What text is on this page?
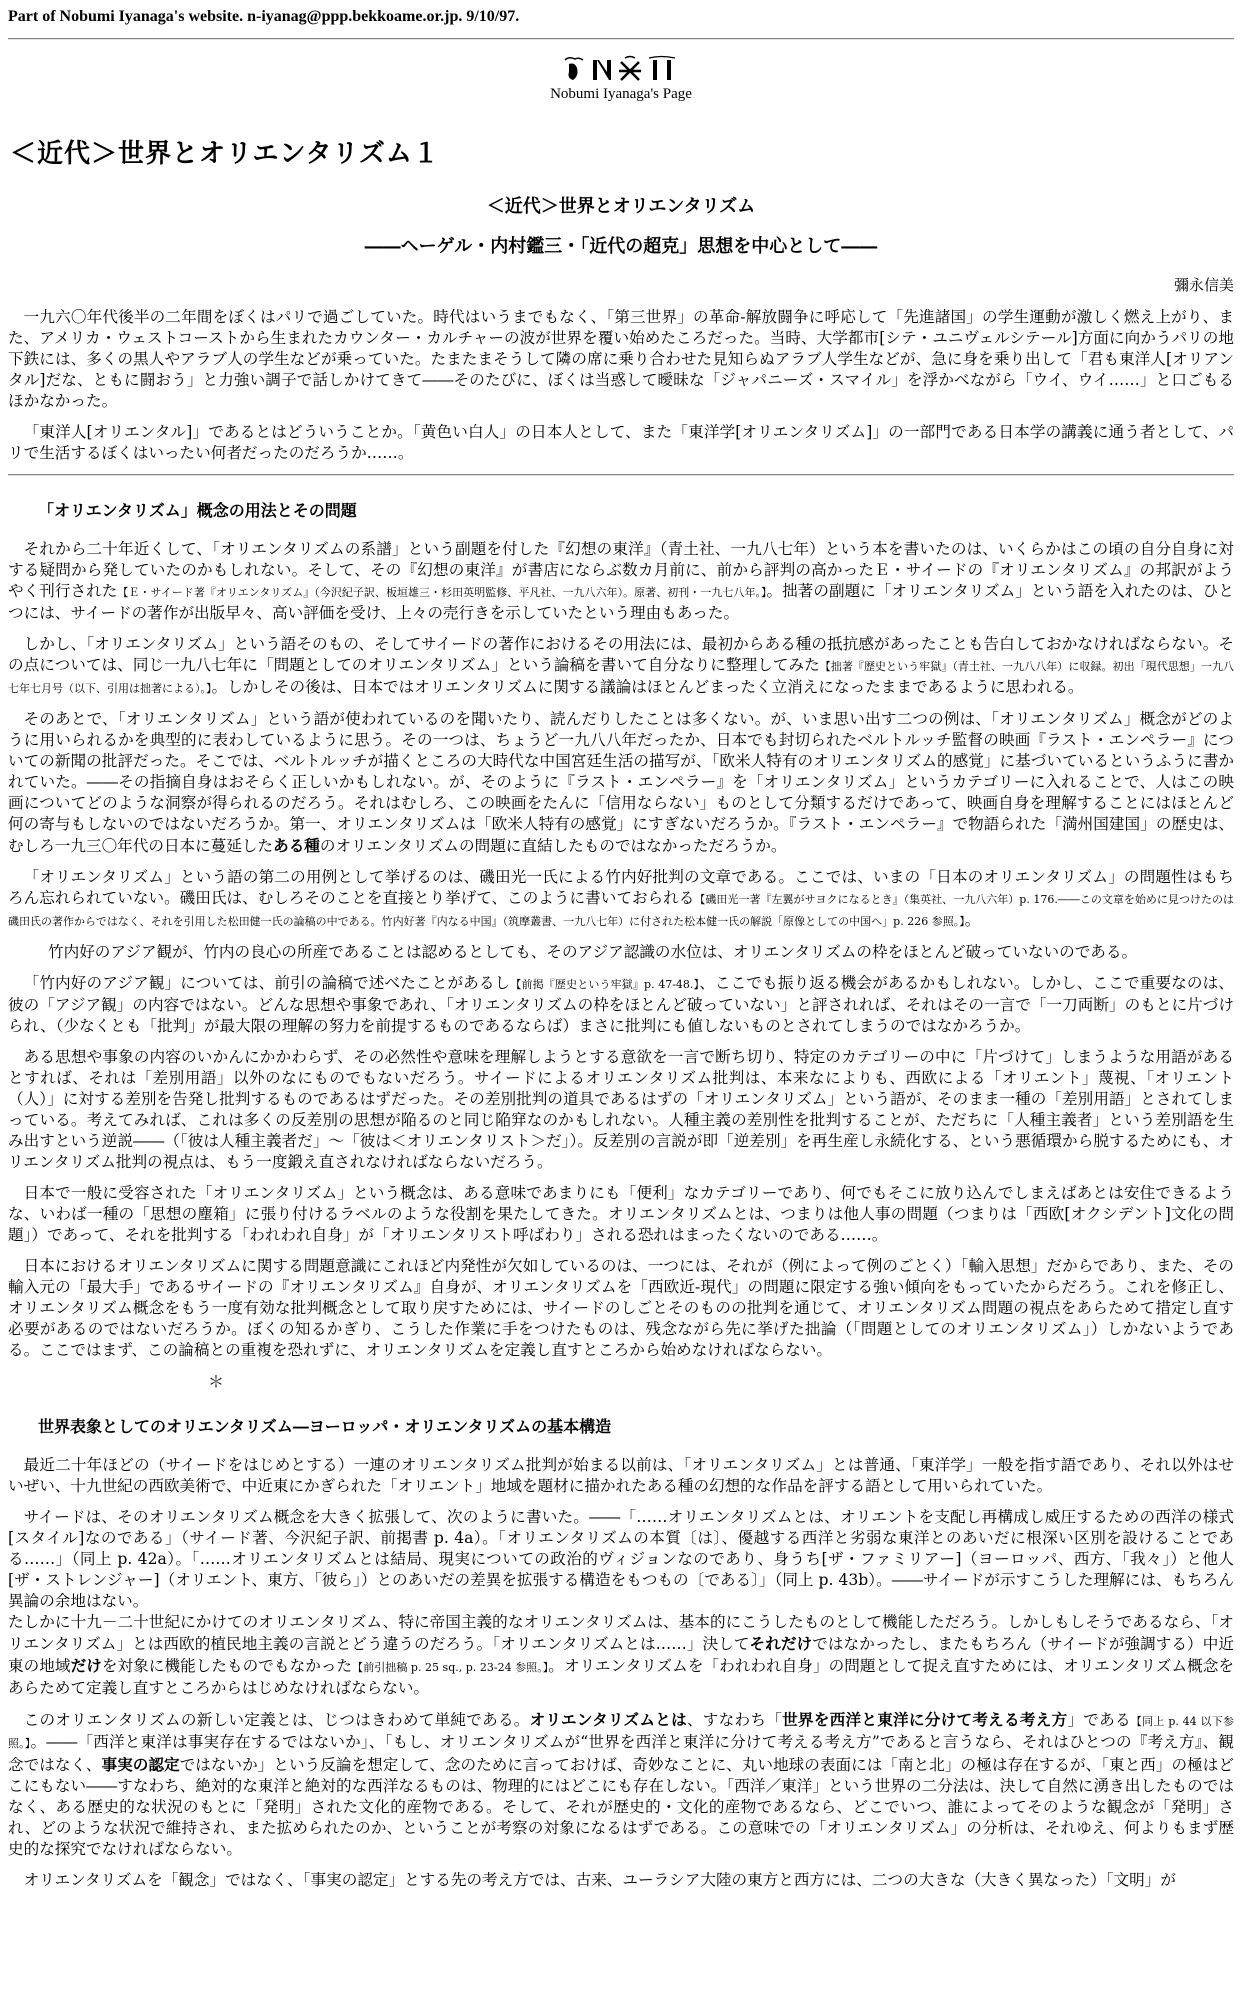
Part of Nobumi Iyanaga's website. n-iyanag@ppp.bekkoame.or.jp. 9/10/97.
Nobumi Iyanaga's Page
＜近代＞世界とオリエンタリズム１
＜近代＞世界とオリエンタリズム
――ヘーゲル・内村鑑三・「近代の超克」思想を中心として――
彌永信美

一九六〇年代後半の二年間をぼくはパリで過ごしていた。時代はいうまでもなく、「第三世界」の革命-解放闘争に呼応して「先進諸国」の学生運動が激しく燃え上がり、また、アメリカ・ウェストコーストから生まれたカウンター・カルチャーの波が世界を覆い始めたころだった。当時、大学都市[シテ・ユニヴェルシテール]方面に向かうパリの地下鉄には、多くの黒人やアラブ人の学生などが乗っていた。たまたまそうして隣の席に乗り合わせた見知らぬアラブ人学生などが、急に身を乗り出して「君も東洋人[オリアンタル]だな、ともに闘おう」と力強い調子で話しかけてきて――そのたびに、ぼくは当惑して曖昧な「ジャパニーズ・スマイル」を浮かべながら「ウイ、ウイ……」と口ごもるほかなかった。

「東洋人[オリエンタル]」であるとはどういうことか。「黄色い白人」の日本人として、また「東洋学[オリエンタリズム]」の一部門である日本学の講義に通う者として、パリで生活するぼくはいったい何者だったのだろうか……。

「オリエンタリズム」概念の用法とその問題

それから二十年近くして、「オリエンタリズムの系譜」という副題を付した『幻想の東洋』（青土社、一九八七年）という本を書いたのは、いくらかはこの頃の自分自身に対する疑問から発していたのかもしれない。そして、その『幻想の東洋』が書店にならぶ数カ月前に、前から評判の高かったＥ・サイードの『オリエンタリズム』の邦訳がようやく刊行された【Ｅ・サイード著『オリエンタリズム』（今沢紀子訳、板垣雄三・杉田英明監修、平凡社、一九八六年）。原著、初刊・一九七八年。】。拙著の副題に「オリエンタリズム」という語を入れたのは、ひとつには、サイードの著作が出版早々、高い評価を受け、上々の売行きを示していたという理由もあった。

しかし、「オリエンタリズム」という語そのもの、そしてサイードの著作におけるその用法には、最初からある種の抵抗感があったことも告白しておかなければならない。その点については、同じ一九八七年に「問題としてのオリエンタリズム」という論稿を書いて自分なりに整理してみた【拙著『歴史という牢獄』（青土社、一九八八年）に収録。初出「現代思想」一九八七年七月号（以下、引用は拙著による）。】。しかしその後は、日本ではオリエンタリズムに関する議論はほとんどまったく立消えになったままであるように思われる。

そのあとで、「オリエンタリズム」という語が使われているのを聞いたり、読んだりしたことは多くない。が、いま思い出す二つの例は、「オリエンタリズム」概念がどのように用いられるかを典型的に表わしているように思う。その一つは、ちょうど一九八八年だったか、日本でも封切られたベルトルッチ監督の映画『ラスト・エンペラー』についての新聞の批評だった。そこでは、ベルトルッチが描くところの大時代な中国宮廷生活の描写が、「欧米人特有のオリエンタリズム的感覚」に基づいているというふうに書かれていた。――その指摘自身はおそらく正しいかもしれない。が、そのように『ラスト・エンペラー』を「オリエンタリズム」というカテゴリーに入れることで、人はこの映画についてどのような洞察が得られるのだろう。それはむしろ、この映画をたんに「信用ならない」ものとして分類するだけであって、映画自身を理解することにはほとんど何の寄与もしないのではないだろうか。第一、オリエンタリズムは「欧米人特有の感覚」にすぎないだろうか。『ラスト・エンペラー』で物語られた「満州国建国」の歴史は、むしろ一九三〇年代の日本に蔓延したある種のオリエンタリズムの問題に直結したものではなかっただろうか。

「オリエンタリズム」という語の第二の用例として挙げるのは、磯田光一氏による竹内好批判の文章である。ここでは、いまの「日本のオリエンタリズム」の問題性はもちろん忘れられていない。磯田氏は、むしろそのことを直接とり挙げて、このように書いておられる【磯田光一著『左翼がサヨクになるとき』（集英社、一九八六年）p. 176.――この文章を始めに見つけたのは磯田氏の著作からではなく、それを引用した松田健一氏の論稿の中である。竹内好著『内なる中国』（筑摩叢書、一九八七年）に付された松本健一氏の解説「原像としての中国へ」p. 226 参照。】。

竹内好のアジア観が、竹内の良心の所産であることは認めるとしても、そのアジア認識の水位は、オリエンタリズムの枠をほとんど破っていないのである。

「竹内好のアジア観」については、前引の論稿で述べたことがあるし【前掲『歴史という牢獄』p. 47-48.】、ここでも振り返る機会があるかもしれない。しかし、ここで重要なのは、彼の「アジア観」の内容ではない。どんな思想や事象であれ、「オリエンタリズムの枠をほとんど破っていない」と評されれば、それはその一言で「一刀両断」のもとに片づけられ、（少なくとも「批判」が最大限の理解の努力を前提するものであるならば）まさに批判にも値しないものとされてしまうのではなかろうか。

ある思想や事象の内容のいかんにかかわらず、その必然性や意味を理解しようとする意欲を一言で断ち切り、特定のカテゴリーの中に「片づけて」しまうような用語があるとすれば、それは「差別用語」以外のなにものでもないだろう。サイードによるオリエンタリズム批判は、本来なによりも、西欧による「オリエント」蔑視、「オリエント（人）」に対する差別を告発し批判するものであるはずだった。その差別批判の道具であるはずの「オリエンタリズム」という語が、そのまま一種の「差別用語」とされてしまっている。考えてみれば、これは多くの反差別の思想が陥るのと同じ陥穽なのかもしれない。人種主義の差別性を批判することが、ただちに「人種主義者」という差別語を生み出すという逆説――（「彼は人種主義者だ」～「彼は＜オリエンタリスト＞だ」）。反差別の言説が即「逆差別」を再生産し永続化する、という悪循環から脱するためにも、オリエンタリズム批判の視点は、もう一度鍛え直されなければならないだろう。

日本で一般に受容された「オリエンタリズム」という概念は、ある意味であまりにも「便利」なカテゴリーであり、何でもそこに放り込んでしまえばあとは安住できるような、いわば一種の「思想の塵箱」に張り付けるラベルのような役割を果たしてきた。オリエンタリズムとは、つまりは他人事の問題（つまりは「西欧[オクシデント]文化の問題」）であって、それを批判する「われわれ自身」が「オリエンタリスト呼ばわり」される恐れはまったくないのである……。

日本におけるオリエンタリズムに関する問題意識にこれほど内発性が欠如しているのは、一つには、それが（例によって例のごとく）「輸入思想」だからであり、また、その輸入元の「最大手」であるサイードの『オリエンタリズム』自身が、オリエンタリズムを「西欧近-現代」の問題に限定する強い傾向をもっていたからだろう。これを修正し、オリエンタリズム概念をもう一度有効な批判概念として取り戻すためには、サイードのしごとそのものの批判を通じて、オリエンタリズム問題の視点をあらためて措定し直す必要があるのではないだろうか。ぼくの知るかぎり、こうした作業に手をつけたものは、残念ながら先に挙げた拙論（「問題としてのオリエンタリズム」）しかないようである。ここではまず、この論稿との重複を恐れずに、オリエンタリズムを定義し直すところから始めなければならない。

＊

世界表象としてのオリエンタリズム―ヨーロッパ・オリエンタリズムの基本構造

最近二十年ほどの（サイードをはじめとする）一連のオリエンタリズム批判が始まる以前は、「オリエンタリズム」とは普通、「東洋学」一般を指す語であり、それ以外はせいぜい、十九世紀の西欧美術で、中近東にかぎられた「オリエント」地域を題材に描かれたある種の幻想的な作品を評する語として用いられていた。

サイードは、そのオリエンタリズム概念を大きく拡張して、次のように書いた。――「……オリエンタリズムとは、オリエントを支配し再構成し威圧するための西洋の様式[スタイル]なのである」（サイード著、今沢紀子訳、前掲書 p. 4a）。「オリエンタリズムの本質〔は〕、優越する西洋と劣弱な東洋とのあいだに根深い区別を設けることである……」（同上 p. 42a）。「……オリエンタリズムとは結局、現実についての政治的ヴィジョンなのであり、身うち[ザ・ファミリアー]（ヨーロッパ、西方、「我々」）と他人[ザ・ストレンジャー]（オリエント、東方、「彼ら」）とのあいだの差異を拡張する構造をもつもの〔である〕」（同上 p. 43b）。――サイードが示すこうした理解には、もちろん異論の余地はない。
たしかに十九－二十世紀にかけてのオリエンタリズム、特に帝国主義的なオリエンタリズムは、基本的にこうしたものとして機能しただろう。しかしもしそうであるなら、「オリエンタリズム」とは西欧的植民地主義の言説とどう違うのだろう。「オリエンタリズムとは……」決してそれだけではなかったし、またもちろん（サイードが強調する）中近東の地域だけを対象に機能したものでもなかった【前引拙稿 p. 25 sq., p. 23-24 参照。】。オリエンタリズムを「われわれ自身」の問題として捉え直すためには、オリエンタリズム概念をあらためて定義し直すところからはじめなければならない。

このオリエンタリズムの新しい定義とは、じつはきわめて単純である。オリエンタリズムとは、すなわち「世界を西洋と東洋に分けて考える考え方」である【同上 p. 44 以下参照。】。――「西洋と東洋は事実存在するではないか」、「もし、オリエンタリズムが“世界を西洋と東洋に分けて考える考え方”であると言うなら、それはひとつの『考え方』、観念ではなく、事実の認定ではないか」という反論を想定して、念のために言っておけば、奇妙なことに、丸い地球の表面には「南と北」の極は存在するが、「東と西」の極はどこにもない――すなわち、絶対的な東洋と絶対的な西洋なるものは、物理的にはどこにも存在しない。「西洋／東洋」という世界の二分法は、決して自然に湧き出したものではなく、ある歴史的な状況のもとに「発明」された文化的産物である。そして、それが歴史的・文化的産物であるなら、どこでいつ、誰によってそのような観念が「発明」され、どのような状況で維持され、また拡められたのか、ということが考察の対象になるはずである。この意味での「オリエンタリズム」の分析は、それゆえ、何よりもまず歴史的な探究でなければならない。

オリエンタリズムを「観念」ではなく、「事実の認定」とする先の考え方では、古来、ユーラシア大陸の東方と西方には、二つの大きな（大きく異なった）「文明」が
